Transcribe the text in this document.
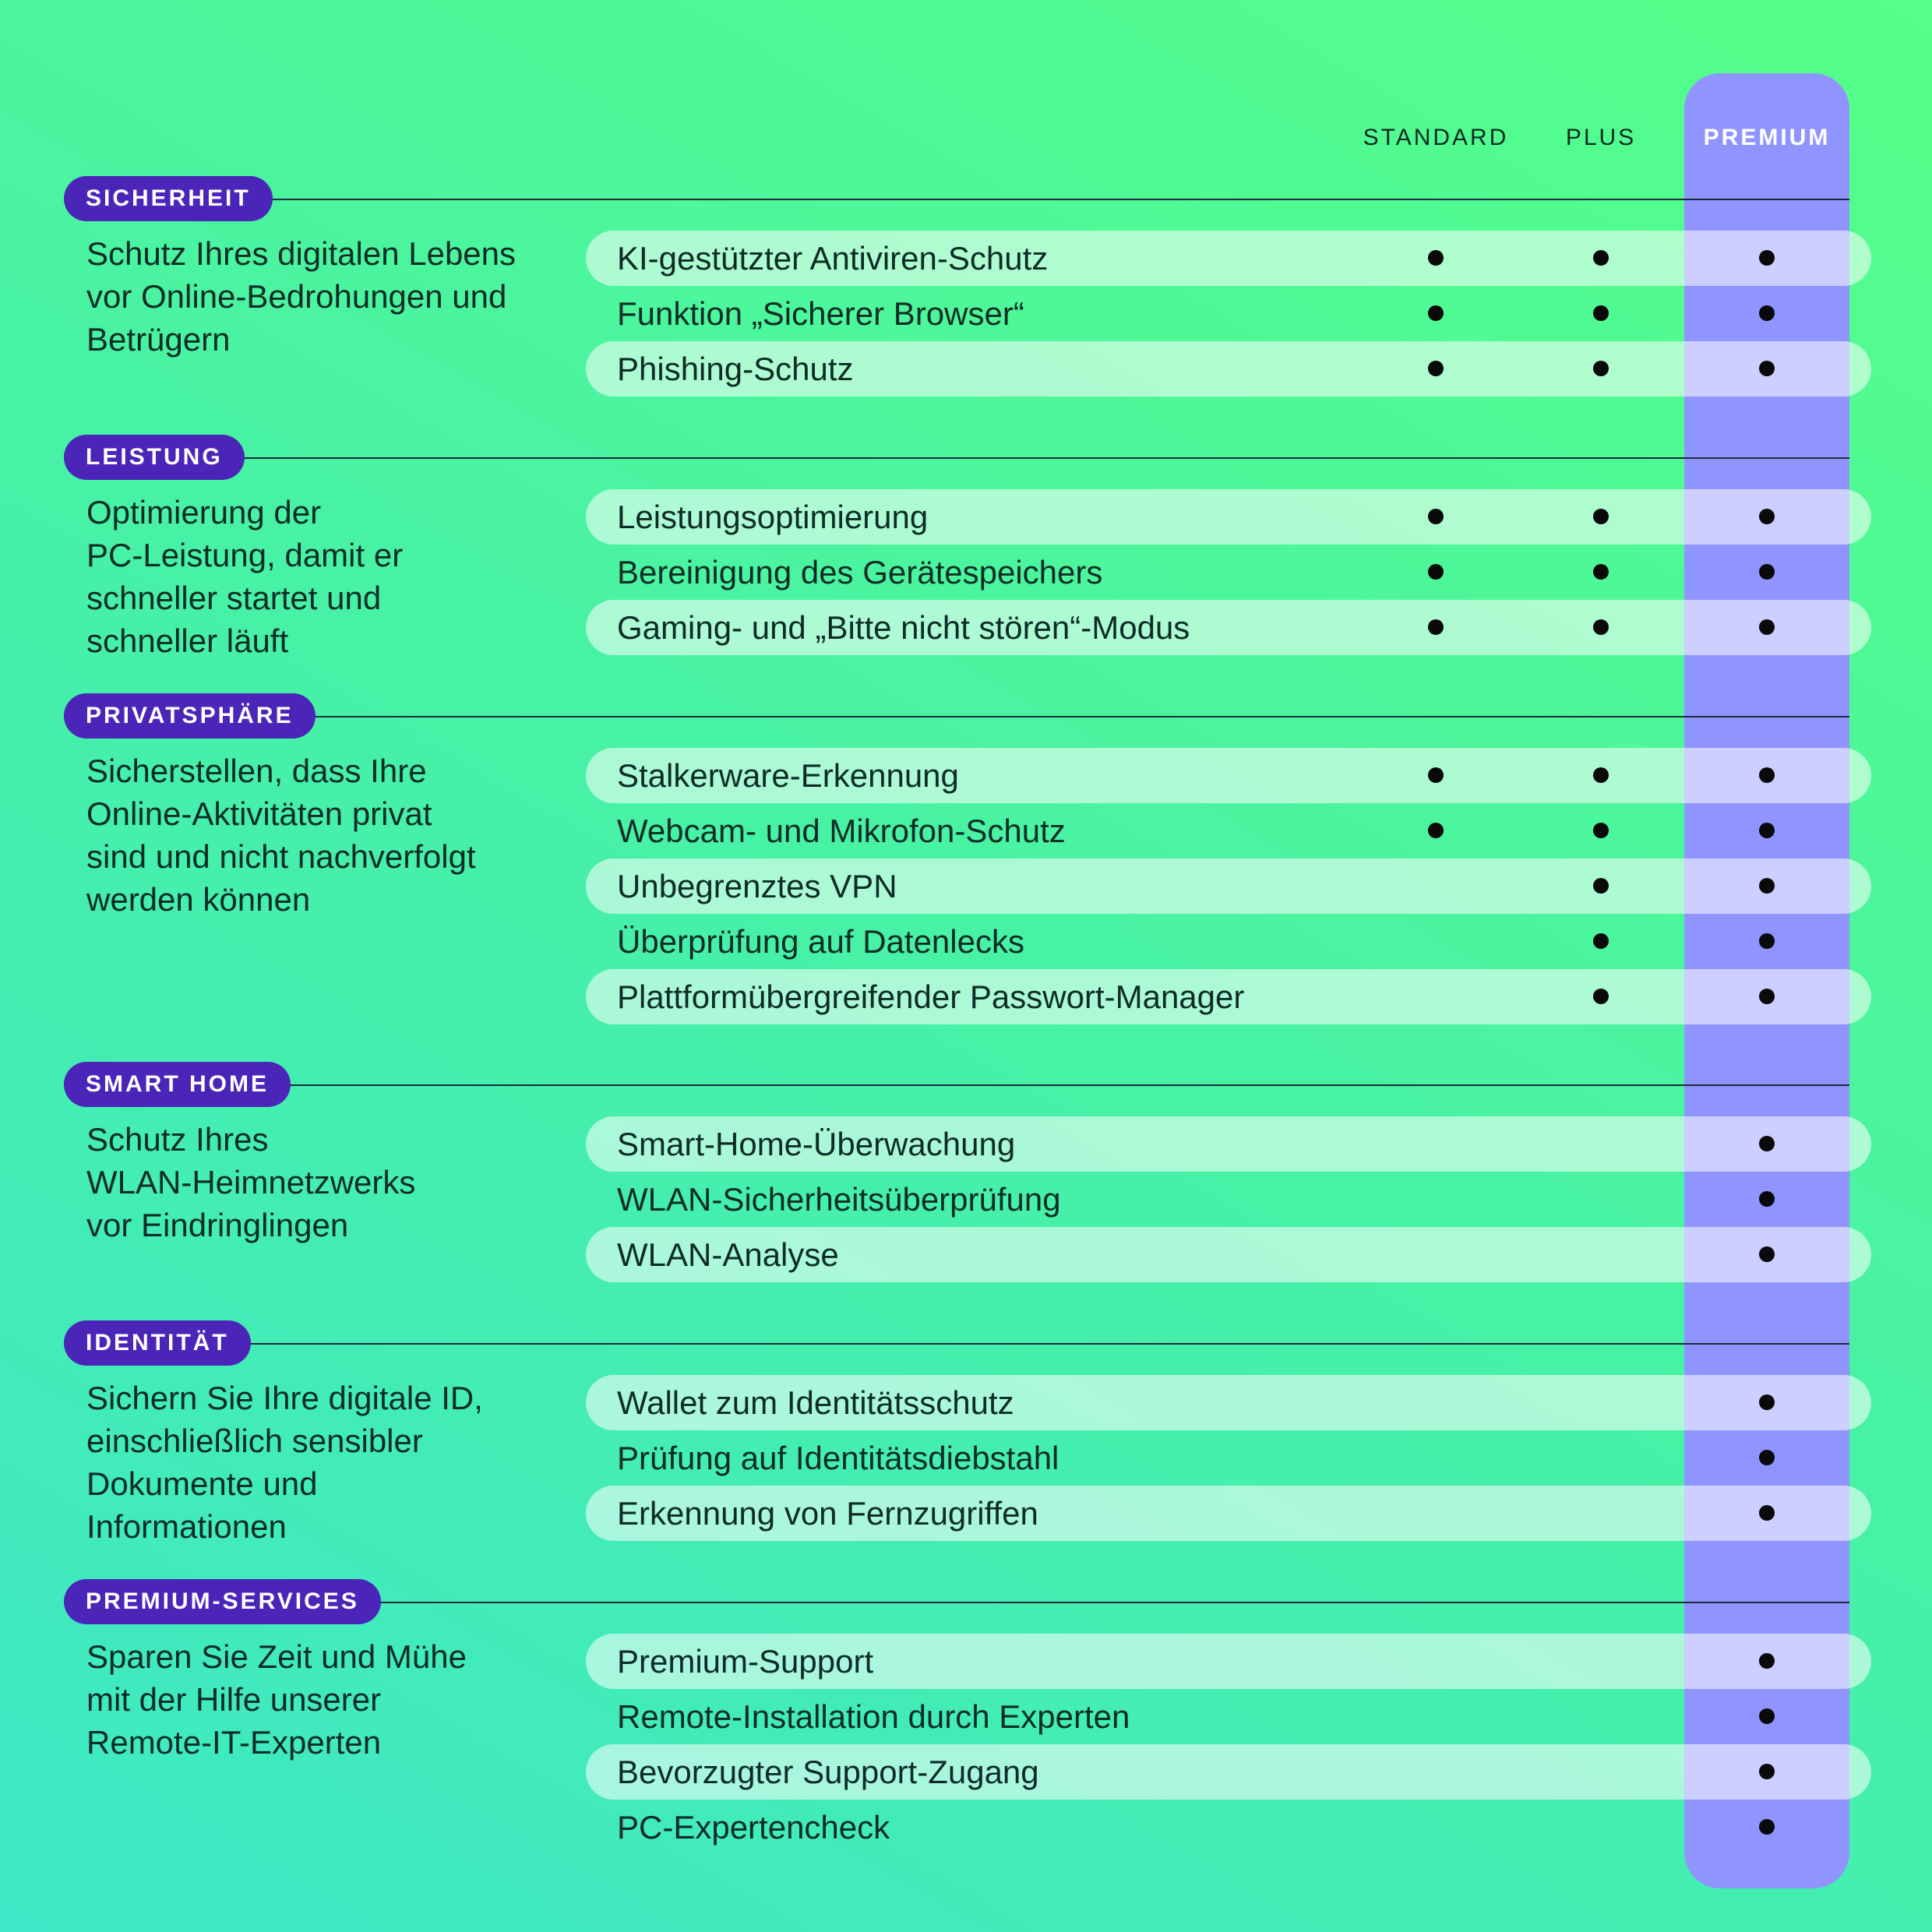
STANDARD	PLUS	PREMIUM
SICHERHEIT
Schutz Ihres digitalen Lebens
vor Online-Bedrohungen und
Betrügern
KI-gestützter Antiviren-Schutz
Funktion „Sicherer Browser“
Phishing-Schutz
LEISTUNG
Optimierung der
PC-Leistung, damit er
schneller startet und
schneller läuft
Leistungsoptimierung
Bereinigung des Gerätespeichers
Gaming- und „Bitte nicht stören“-Modus
PRIVATSPHÄRE
Sicherstellen, dass Ihre
Online-Aktivitäten privat
sind und nicht nachverfolgt
werden können
Stalkerware-Erkennung
Webcam- und Mikrofon-Schutz
Unbegrenztes VPN
Überprüfung auf Datenlecks
Plattformübergreifender Passwort-Manager
SMART HOME
Schutz Ihres
WLAN-Heimnetzwerks
vor Eindringlingen
Smart-Home-Überwachung
WLAN-Sicherheitsüberprüfung
WLAN-Analyse
IDENTITÄT
Sichern Sie Ihre digitale ID,
einschließlich sensibler
Dokumente und
Informationen
Wallet zum Identitätsschutz
Prüfung auf Identitätsdiebstahl
Erkennung von Fernzugriffen
PREMIUM-SERVICES
Sparen Sie Zeit und Mühe
mit der Hilfe unserer
Remote-IT-Experten
Premium-Support
Remote-Installation durch Experten
Bevorzugter Support-Zugang
PC-Expertencheck
